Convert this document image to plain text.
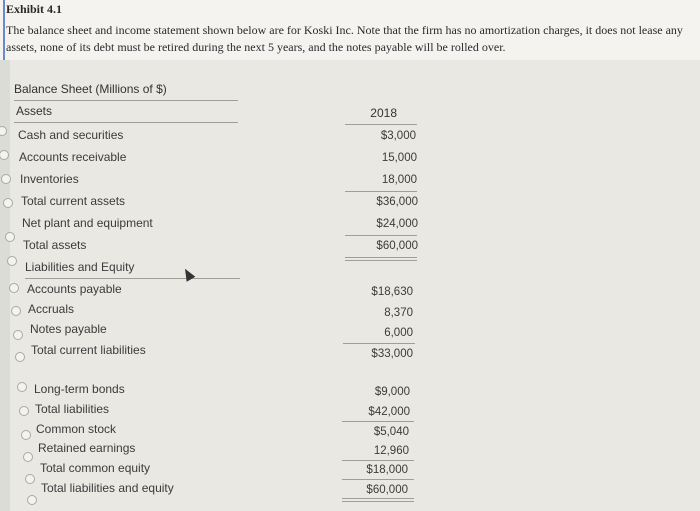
Exhibit 4.1
The balance sheet and income statement shown below are for Koski Inc. Note that the firm has no amortization charges, it does not lease any assets, none of its debt must be retired during the next 5 years, and the notes payable will be rolled over.
Balance Sheet (Millions of $)
Assets	2018
Cash and securities	$3,000
Accounts receivable	15,000
Inventories	18,000
Total current assets	$36,000
Net plant and equipment	$24,000
Total assets	$60,000
Liabilities and Equity
Accounts payable	$18,630
Accruals	8,370
Notes payable	6,000
Total current liabilities	$33,000
Long-term bonds	$9,000
Total liabilities	$42,000
Common stock	$5,040
Retained earnings	12,960
Total common equity	$18,000
Total liabilities and equity	$60,000
